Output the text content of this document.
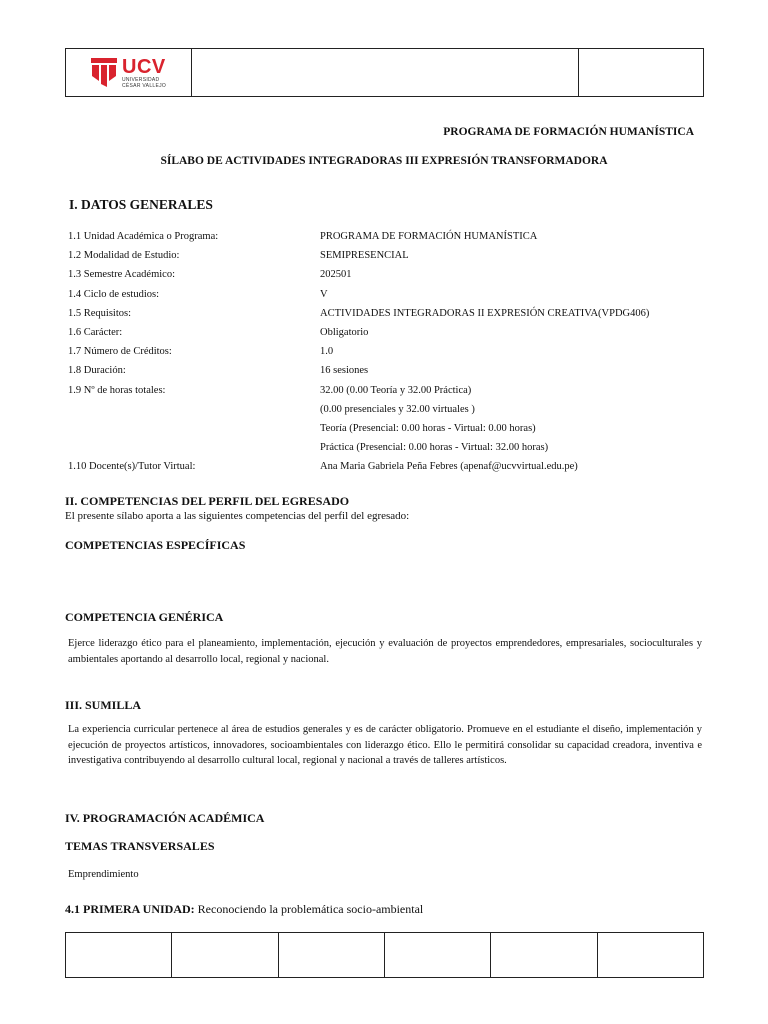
UCV
UNIVERSIDAD
CÉSAR VALLEJO
PROGRAMA DE FORMACIÓN HUMANÍSTICA
SÍLABO DE ACTIVIDADES INTEGRADORAS III EXPRESIÓN TRANSFORMADORA
I. DATOS GENERALES
1.1 Unidad Académica o Programa:	PROGRAMA DE FORMACIÓN HUMANÍSTICA
1.2 Modalidad de Estudio:	SEMIPRESENCIAL
1.3 Semestre Académico:	202501
1.4 Ciclo de estudios:	V
1.5 Requisitos:	ACTIVIDADES INTEGRADORAS II EXPRESIÓN CREATIVA(VPDG406)
1.6 Carácter:	Obligatorio
1.7 Número de Créditos:	1.0
1.8 Duración:	16 sesiones
1.9 Nº de horas totales:	32.00 (0.00 Teoría y 32.00 Práctica)
(0.00 presenciales y 32.00 virtuales )
Teoría (Presencial: 0.00 horas - Virtual: 0.00 horas)
Práctica (Presencial: 0.00 horas - Virtual: 32.00 horas)
1.10 Docente(s)/Tutor Virtual:	Ana Maria Gabriela Peña Febres (apenaf@ucvvirtual.edu.pe)
II. COMPETENCIAS DEL PERFIL DEL EGRESADO
El presente sílabo aporta a las siguientes competencias del perfil del egresado:
COMPETENCIAS ESPECÍFICAS
COMPETENCIA GENÉRICA
Ejerce liderazgo ético para el planeamiento, implementación, ejecución y evaluación de proyectos emprendedores, empresariales, socioculturales y ambientales aportando al desarrollo local, regional y nacional.
III. SUMILLA
La experiencia curricular pertenece al área de estudios generales y es de carácter obligatorio. Promueve en el estudiante el diseño, implementación y ejecución de proyectos artísticos, innovadores, socioambientales con liderazgo ético. Ello le permitirá consolidar su capacidad creadora, inventiva e investigativa contribuyendo al desarrollo cultural local, regional y nacional a través de talleres artísticos.
IV. PROGRAMACIÓN ACADÉMICA
TEMAS TRANSVERSALES
Emprendimiento
4.1 PRIMERA UNIDAD: Reconociendo la problemática socio-ambiental
